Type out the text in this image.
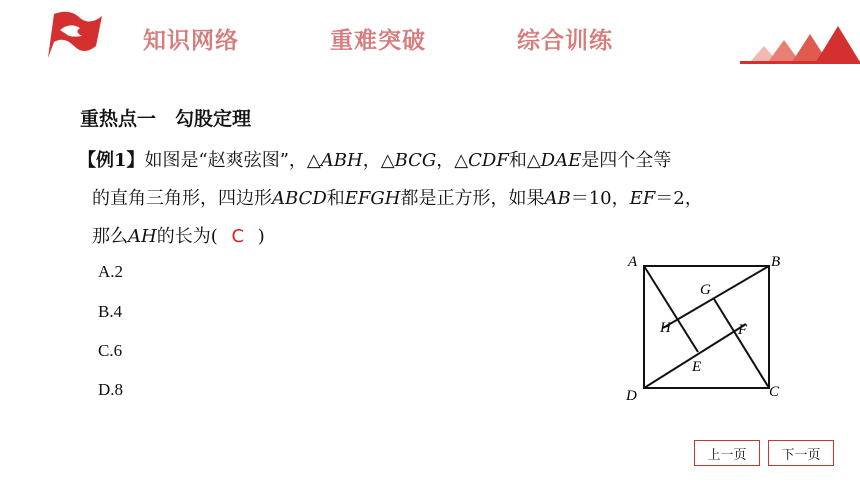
知识网络	重难突破	综合训练
重热点一　勾股定理
【例1】如图是“赵爽弦图”，△ABH，△BCG，△CDF和△DAE是四个全等
的直角三角形，四边形ABCD和EFGH都是正方形，如果AB＝10，EF＝2，
那么AH的长为( C )
A.2
B.4
C.6
D.8
A	B
C
D
E
F
G
H
上一页	下一页
